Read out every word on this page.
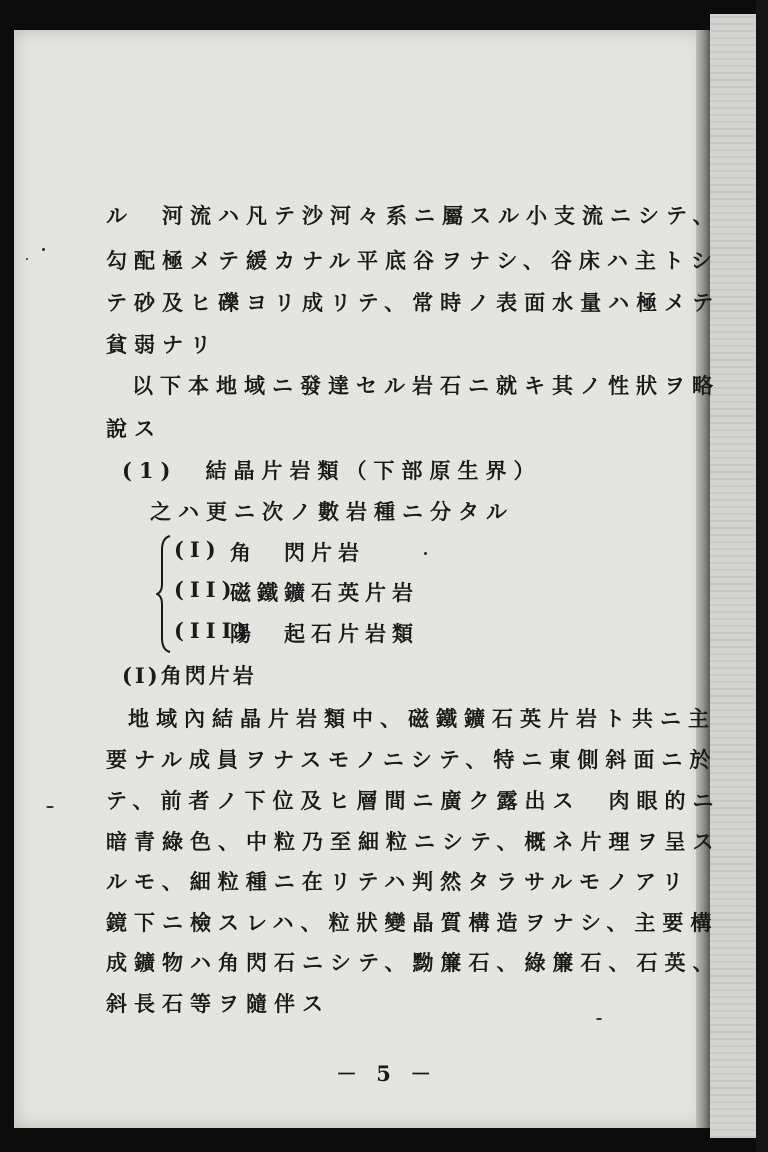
ル　河流ハ凡テ沙河々系ニ屬スル小支流ニシテ、
勾配極メテ緩カナル平底谷ヲナシ、谷床ハ主トシ
テ砂及ヒ礫ヨリ成リテ、常時ノ表面水量ハ極メテ
貧弱ナリ
以下本地域ニ發達セル岩石ニ就キ其ノ性狀ヲ略
說ス
(1)　結晶片岩類（下部原生界）
之ハ更ニ次ノ數岩種ニ分タル
(I) 角　閃片岩
(II)
磁鐵鑛石英片岩
(III)
陽　起石片岩類
(I)角閃片岩
地域內結晶片岩類中、磁鐵鑛石英片岩ト共ニ主
要ナル成員ヲナスモノニシテ、特ニ東側斜面ニ於
テ、前者ノ下位及ヒ層間ニ廣ク露出ス　肉眼的ニ
暗青綠色、中粒乃至細粒ニシテ、概ネ片理ヲ呈ス
ルモ、細粒種ニ在リテハ判然タラサルモノアリ
鏡下ニ檢スレハ、粒狀變晶質構造ヲナシ、主要構
成鑛物ハ角閃石ニシテ、黝簾石、綠簾石、石英、
斜長石等ヲ隨伴ス
－ 5 －
